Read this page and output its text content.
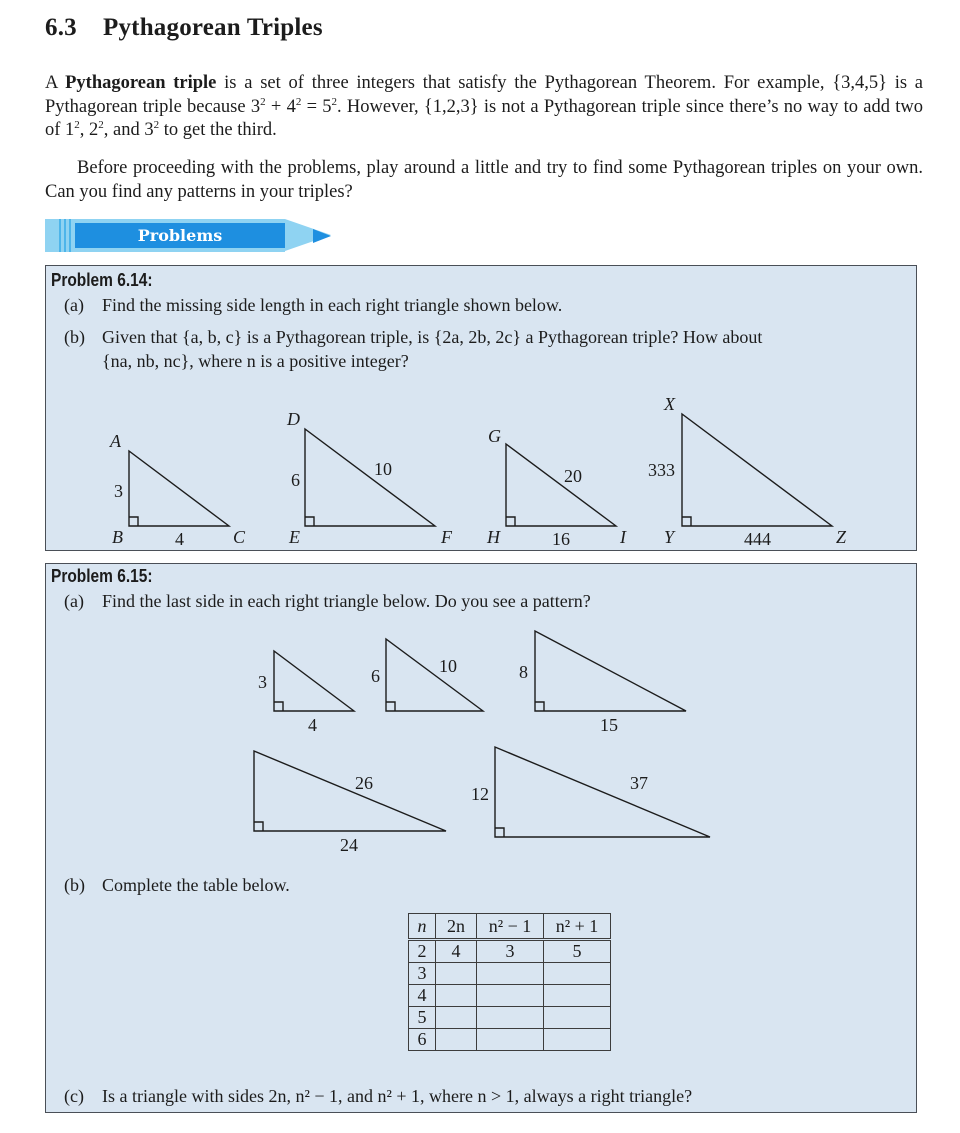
6.3 Pythagorean Triples
A Pythagorean triple is a set of three integers that satisfy the Pythagorean Theorem. For example, {3,4,5} is a Pythagorean triple because $3^2 + 4^2 = 5^2$. However, {1,2,3} is not a Pythagorean triple since there’s no way to add two of $1^2$, $2^2$, and $3^2$ to get the third.
Before proceeding with the problems, play around a little and try to find some Pythagorean triples on your own. Can you find any patterns in your triples?
Problems
Problem 6.14:
(a) Find the missing side length in each right triangle shown below.
(b) Given that {a, b, c} is a Pythagorean triple, is {2a, 2b, 2c} a Pythagorean triple? How about
{na, nb, nc}, where n is a positive integer?
A
B	C
3
4
D
E	F
6
10
G
H	I
20
16
X
Y	Z
333
444
Problem 6.15:
(a) Find the last side in each right triangle below. Do you see a pattern?
3
4
6	10	8
15
26
24
12
37
(b) Complete the table below.
n	2n	n² − 1	n² + 1
2	4	3	5
3			
4			
5			
6			
(c) Is a triangle with sides 2n, n² − 1, and n² + 1, where n > 1, always a right triangle?
